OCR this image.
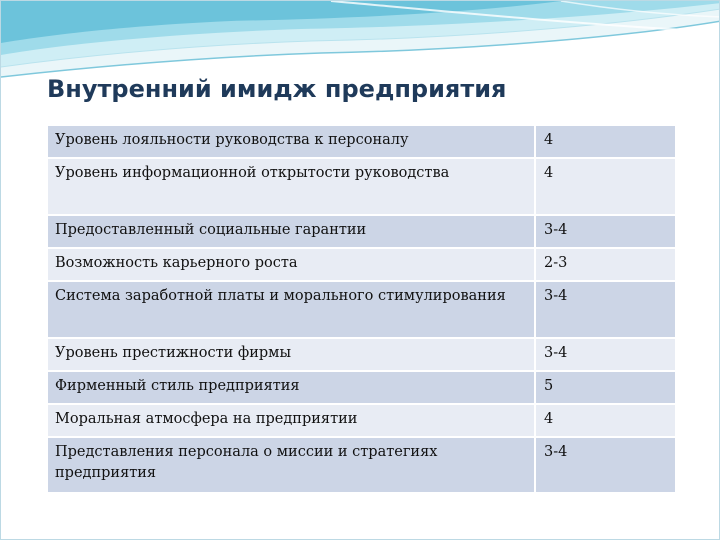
Внутренний имидж предприятия
Уровень лояльности руководства к персоналу	4
Уровень информационной открытости руководства	4
Предоставленный социальные гарантии	3-4
Возможность карьерного роста	2-3
Система заработной платы и морального стимулирования	3-4
Уровень престижности фирмы	3-4
Фирменный стиль предприятия	5
Моральная атмосфера на предприятии	4
Представления персонала о миссии и стратегиях предприятия	3-4
